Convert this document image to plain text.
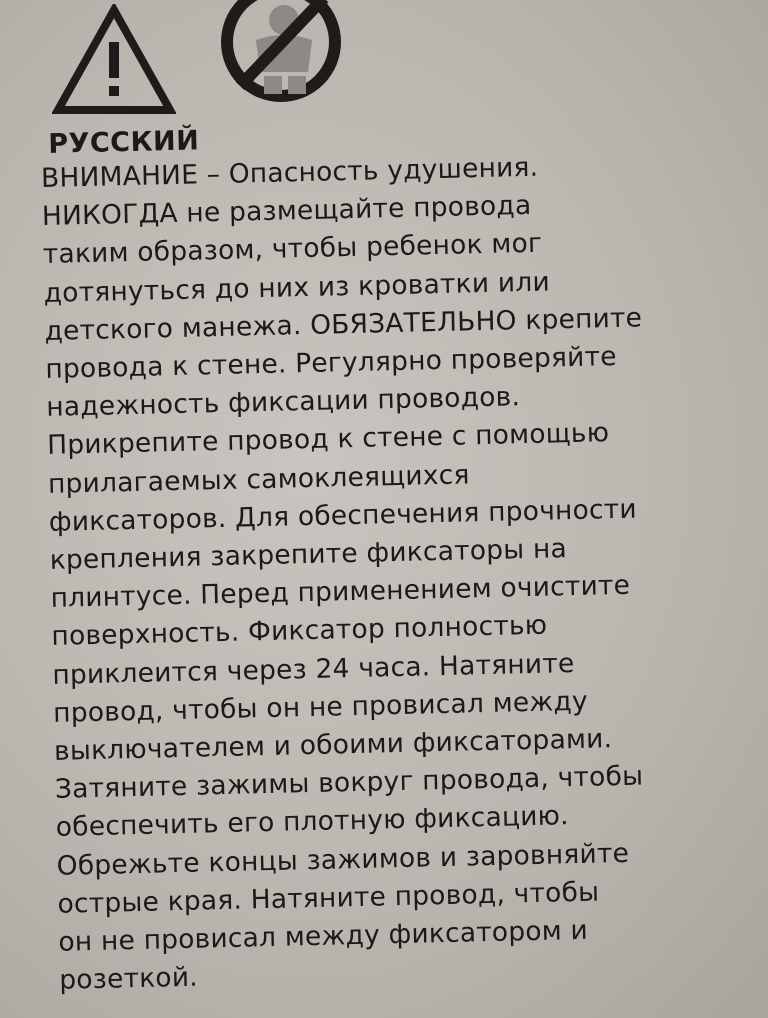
РУССКИЙ
ВНИМАНИЕ – Опасность удушения.
НИКОГДА не размещайте провода
таким образом, чтобы ребенок мог
дотянуться до них из кроватки или
детского манежа. ОБЯЗАТЕЛЬНО крепите
провода к стене. Регулярно проверяйте
надежность фиксации проводов.
Прикрепите провод к стене с помощью
прилагаемых самоклеящихся
фиксаторов. Для обеспечения прочности
крепления закрепите фиксаторы на
плинтусе. Перед применением очистите
поверхность. Фиксатор полностью
приклеится через 24 часа. Натяните
провод, чтобы он не провисал между
выключателем и обоими фиксаторами.
Затяните зажимы вокруг провода, чтобы
обеспечить его плотную фиксацию.
Обрежьте концы зажимов и заровняйте
острые края. Натяните провод, чтобы
он не провисал между фиксатором и
розеткой.
